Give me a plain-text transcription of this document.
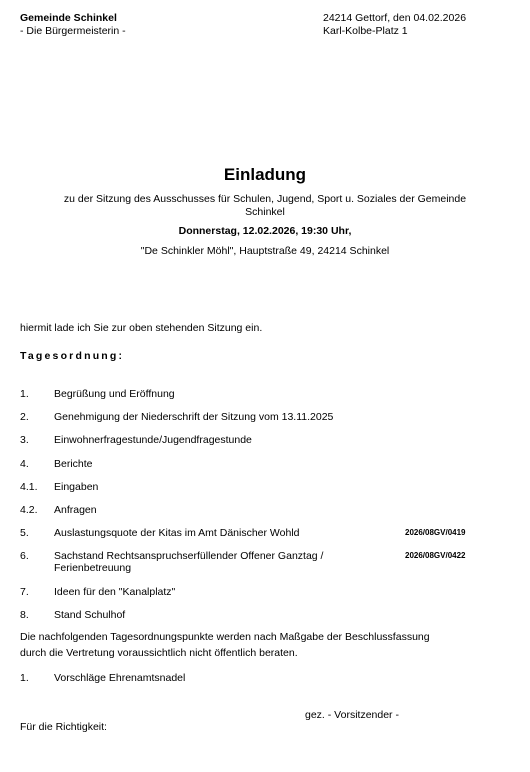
Gemeinde Schinkel
- Die Bürgermeisterin -
24214 Gettorf, den 04.02.2026
Karl-Kolbe-Platz 1
Einladung
zu der Sitzung des Ausschusses für Schulen, Jugend, Sport u. Soziales der Gemeinde
Schinkel
Donnerstag, 12.02.2026, 19:30 Uhr,
"De Schinkler Möhl", Hauptstraße 49, 24214 Schinkel
hiermit lade ich Sie zur oben stehenden Sitzung ein.
Tagesordnung:
1. Begrüßung und Eröffnung
2. Genehmigung der Niederschrift der Sitzung vom 13.11.2025
3. Einwohnerfragestunde/Jugendfragestunde
4. Berichte
4.1. Eingaben
4.2. Anfragen
5. Auslastungsquote der Kitas im Amt Dänischer Wohld	2026/08GV/0419
6. Sachstand Rechtsanspruchserfüllender Offener Ganztag /
Ferienbetreuung
2026/08GV/0422
7. Ideen für den "Kanalplatz"
8. Stand Schulhof
Die nachfolgenden Tagesordnungspunkte werden nach Maßgabe der Beschlussfassung
durch die Vertretung voraussichtlich nicht öffentlich beraten.
1. Vorschläge Ehrenamtsnadel
gez. - Vorsitzender -
Für die Richtigkeit:
